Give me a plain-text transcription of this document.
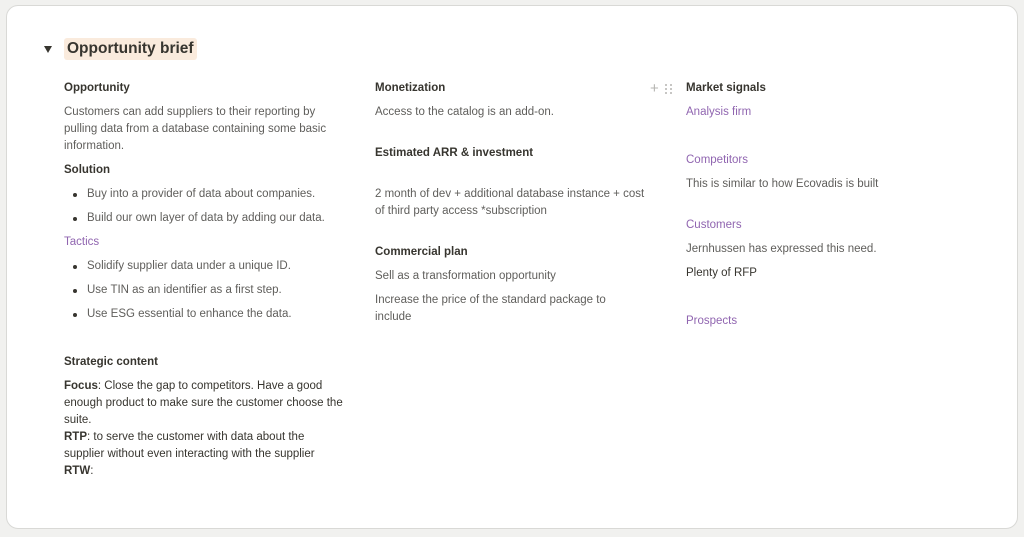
Opportunity brief
Opportunity
Customers can add suppliers to their reporting by pulling data from a database containing some basic information.
Solution
Buy into a provider of data about companies.
Build our own layer of data by adding our data.
Tactics
Solidify supplier data under a unique ID.
Use TIN as an identifier as a first step.
Use ESG essential to enhance the data.
Strategic content
Focus: Close the gap to competitors. Have a good enough product to make sure the customer choose the suite.
RTP: to serve the customer with data about the supplier without even interacting with the supplier
RTW:
Monetization
Access to the catalog is an add-on.
Estimated ARR & investment
2 month of dev + additional database instance + cost of third party access *subscription
Commercial plan
Sell as a transformation opportunity
Increase the price of the standard package to include
+ Market signals
Analysis firm
Competitors
This is similar to how Ecovadis is built
Customers
Jernhussen has expressed this need.
Plenty of RFP
Prospects
